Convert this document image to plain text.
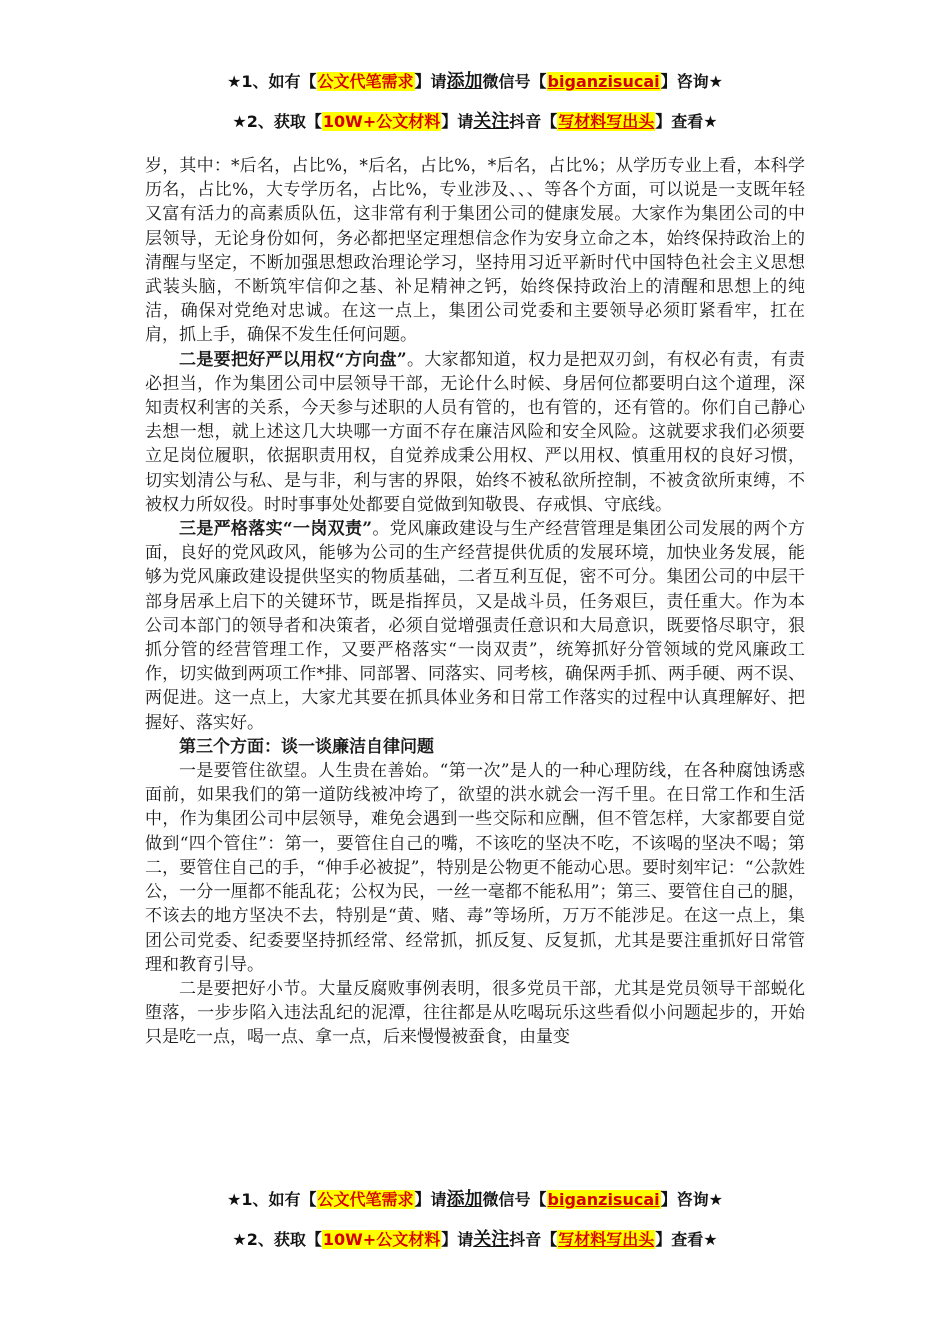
★1、如有【公文代笔需求】请添加微信号【biganzisucai】咨询★
★2、获取【10W+公文材料】请关注抖音【写材料写出头】查看★

岁，其中：*后名，占比%，*后名，占比%，*后名，占比%；从学历专业上看，本科学历名，占比%，大专学历名，占比%，专业涉及、、、等各个方面，可以说是一支既年轻又富有活力的高素质队伍，这非常有利于集团公司的健康发展。大家作为集团公司的中层领导，无论身份如何，务必都把坚定理想信念作为安身立命之本，始终保持政治上的清醒与坚定，不断加强思想政治理论学习，坚持用习近平新时代中国特色社会主义思想武装头脑，不断筑牢信仰之基、补足精神之钙，始终保持政治上的清醒和思想上的纯洁，确保对党绝对忠诚。在这一点上，集团公司党委和主要领导必须盯紧看牢，扛在肩，抓上手，确保不发生任何问题。

二是要把好严以用权“方向盘”。大家都知道，权力是把双刃剑，有权必有责，有责必担当，作为集团公司中层领导干部，无论什么时候、身居何位都要明白这个道理，深知责权利害的关系，今天参与述职的人员有管的，也有管的，还有管的。你们自己静心去想一想，就上述这几大块哪一方面不存在廉洁风险和安全风险。这就要求我们必须要立足岗位履职，依据职责用权，自觉养成秉公用权、严以用权、慎重用权的良好习惯，切实划清公与私、是与非，利与害的界限，始终不被私欲所控制，不被贪欲所束缚，不被权力所奴役。时时事事处处都要自觉做到知敬畏、存戒惧、守底线。

三是严格落实“一岗双责”。党风廉政建设与生产经营管理是集团公司发展的两个方面，良好的党风政风，能够为公司的生产经营提供优质的发展环境，加快业务发展，能够为党风廉政建设提供坚实的物质基础，二者互利互促，密不可分。集团公司的中层干部身居承上启下的关键环节，既是指挥员，又是战斗员，任务艰巨，责任重大。作为本公司本部门的领导者和决策者，必须自觉增强责任意识和大局意识，既要恪尽职守，狠抓分管的经营管理工作，又要严格落实“一岗双责”，统筹抓好分管领域的党风廉政工作，切实做到两项工作*排、同部署、同落实、同考核，确保两手抓、两手硬、两不误、两促进。这一点上，大家尤其要在抓具体业务和日常工作落实的过程中认真理解好、把握好、落实好。

第三个方面：谈一谈廉洁自律问题

一是要管住欲望。人生贵在善始。“第一次”是人的一种心理防线，在各种腐蚀诱惑面前，如果我们的第一道防线被冲垮了，欲望的洪水就会一泻千里。在日常工作和生活中，作为集团公司中层领导，难免会遇到一些交际和应酬，但不管怎样，大家都要自觉做到“四个管住”：第一，要管住自己的嘴，不该吃的坚决不吃，不该喝的坚决不喝；第二，要管住自己的手，“伸手必被捉”，特别是公物更不能动心思。要时刻牢记：“公款姓公，一分一厘都不能乱花；公权为民，一丝一毫都不能私用”；第三、要管住自己的腿，不该去的地方坚决不去，特别是“黄、赌、毒”等场所，万万不能涉足。在这一点上，集团公司党委、纪委要坚持抓经常、经常抓，抓反复、反复抓，尤其是要注重抓好日常管理和教育引导。

二是要把好小节。大量反腐败事例表明，很多党员干部，尤其是党员领导干部蜕化堕落，一步步陷入违法乱纪的泥潭，往往都是从吃喝玩乐这些看似小问题起步的，开始只是吃一点，喝一点、拿一点，后来慢慢被蚕食，由量变

★1、如有【公文代笔需求】请添加微信号【biganzisucai】咨询★
★2、获取【10W+公文材料】请关注抖音【写材料写出头】查看★
